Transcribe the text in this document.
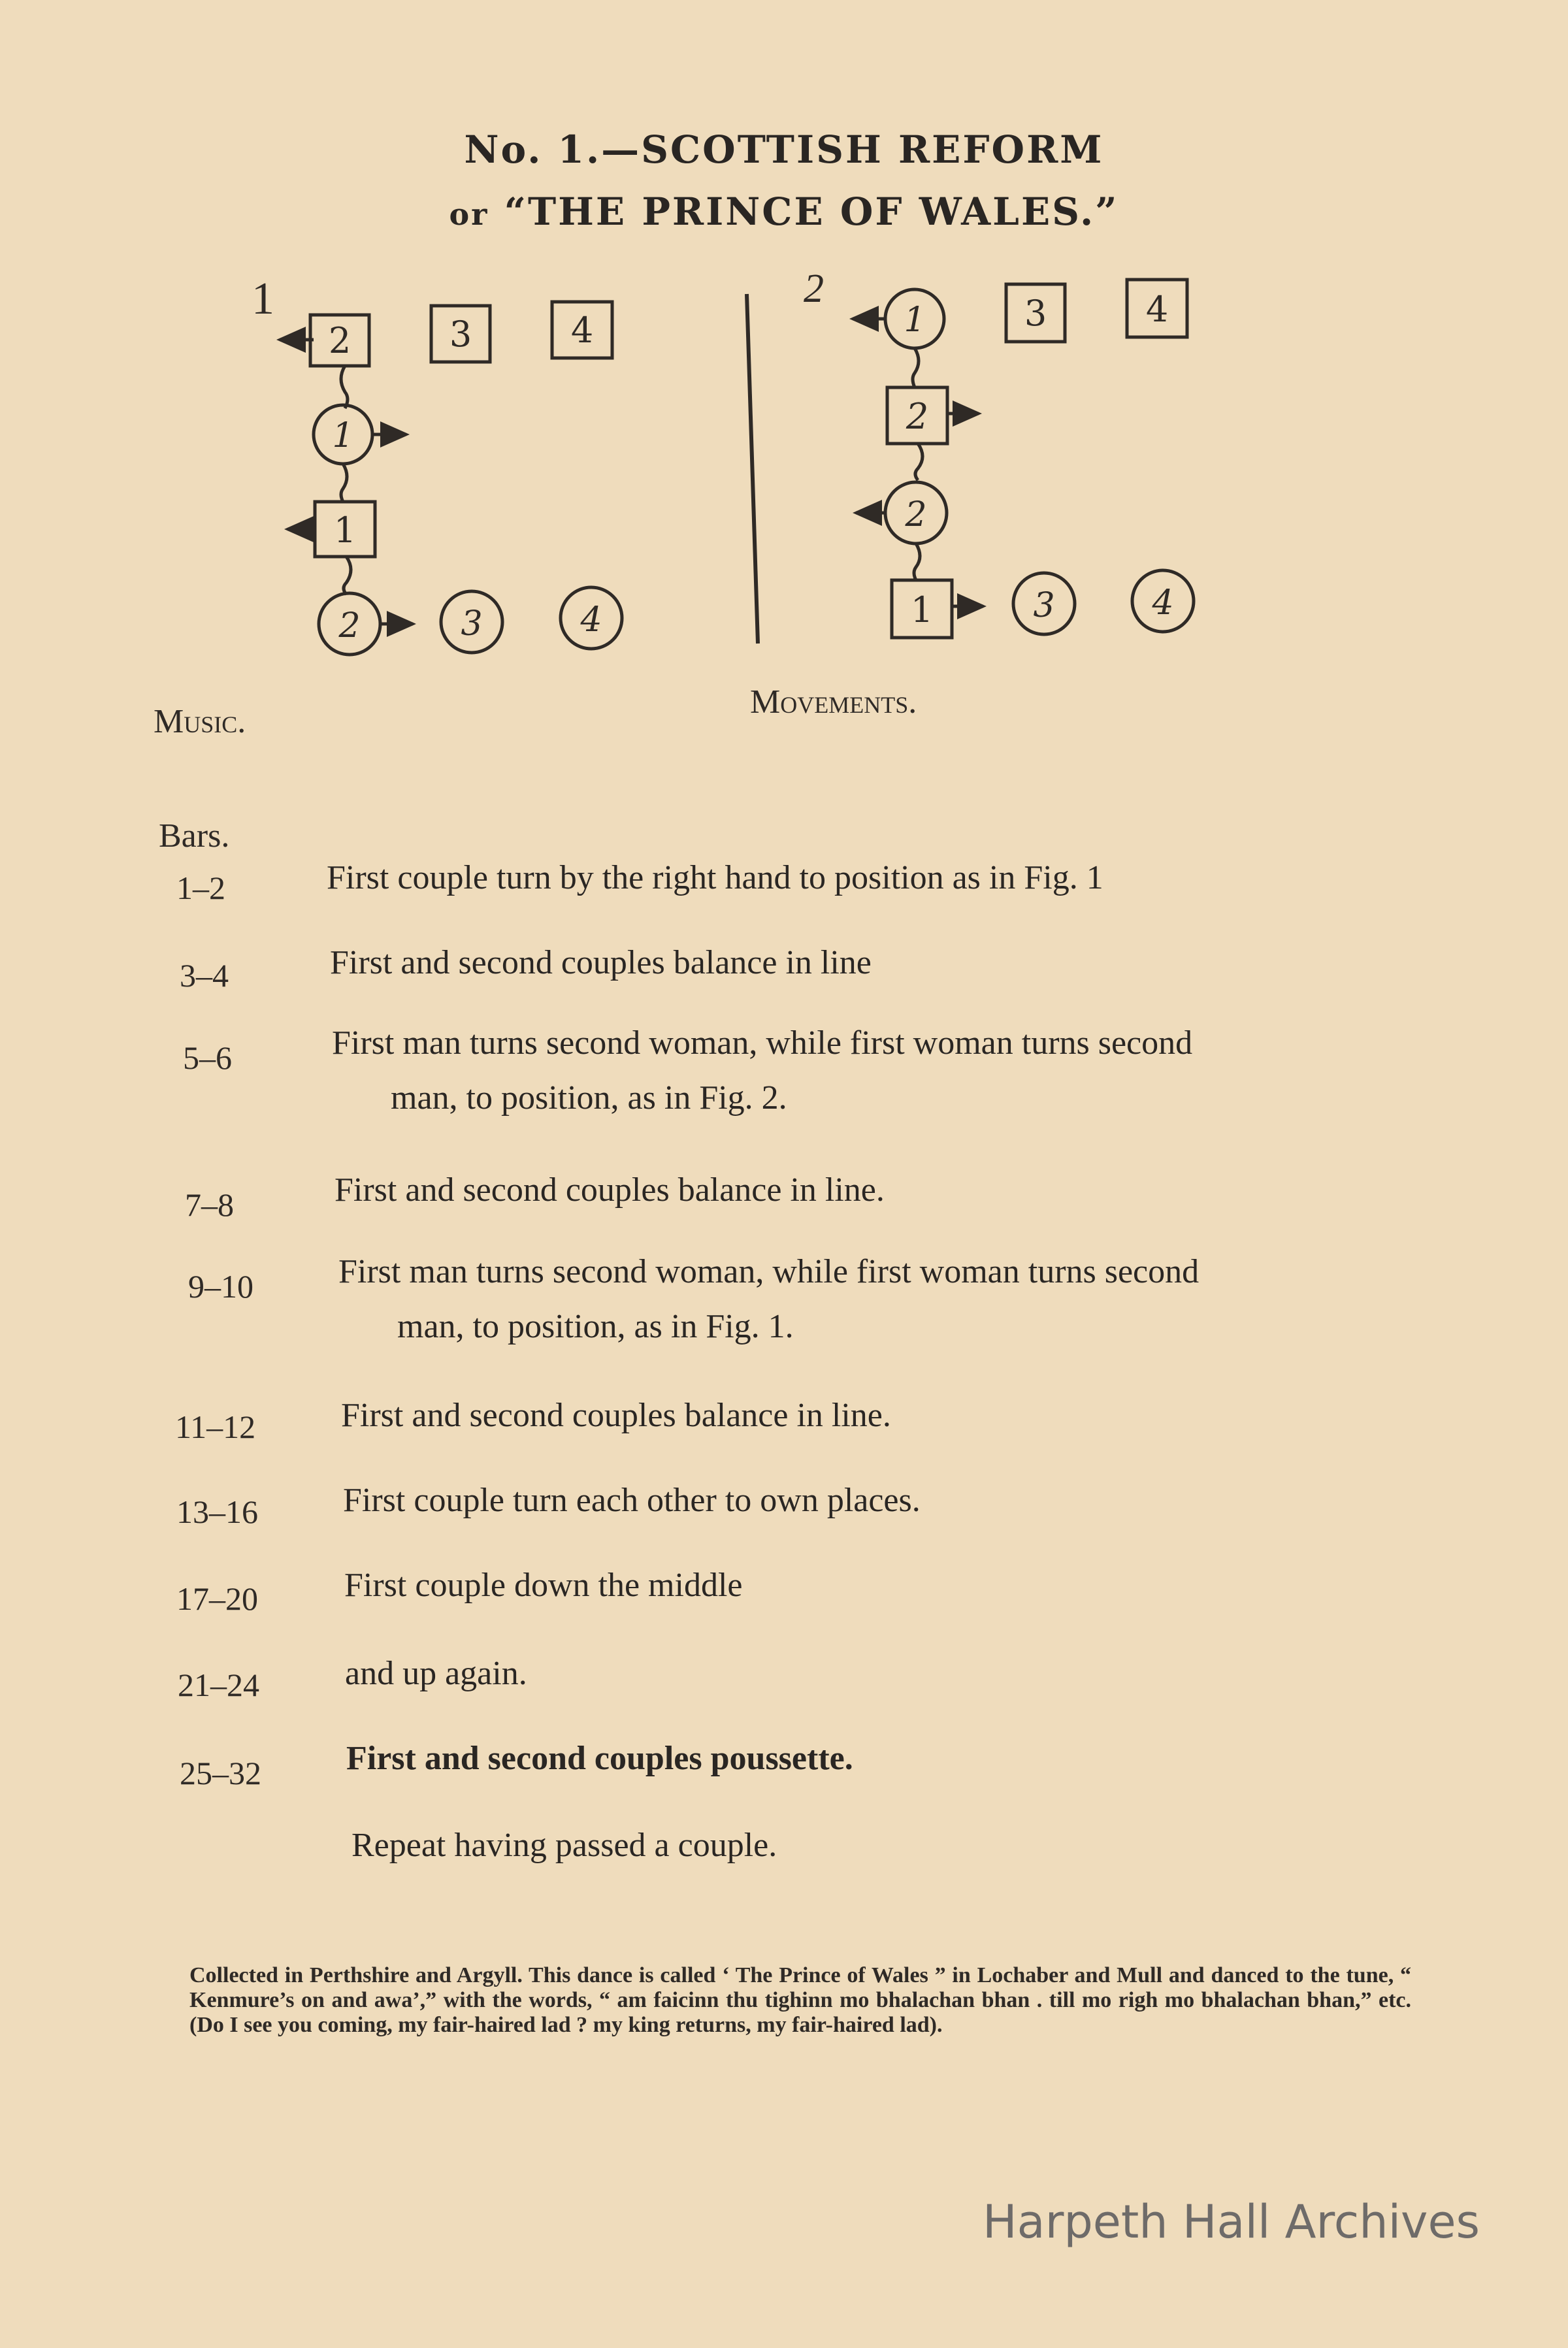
No. 1.—SCOTTISH REFORM
or “THE PRINCE OF WALES.”
1	2
2	3	4
1
1
2	3	4
1	3	4
2
2
1	3	4
Music.
Movements.
Bars.
1–2	First couple turn by the right hand to position as in Fig. 1
3–4	First and second couples balance in line
5–6	First man turns second woman, while first woman turns second
man, to position, as in Fig. 2.
7–8	First and second couples balance in line.
9–10	First man turns second woman, while first woman turns second
man, to position, as in Fig. 1.
11–12	First and second couples balance in line.
13–16	First couple turn each other to own places.
17–20	First couple down the middle
21–24	and up again.
25–32	First and second couples poussette.
Repeat having passed a couple.
Collected in Perthshire and Argyll. This dance is called ‘ The Prince of Wales ” in Lochaber and Mull and danced to the tune, “ Kenmure’s on and awa’,” with the words, “ am faicinn thu tighinn mo bhalachan bhan . till mo righ mo bhalachan bhan,” etc. (Do I see you coming, my fair-haired lad ? my king returns, my fair-haired lad).
Harpeth Hall Archives
